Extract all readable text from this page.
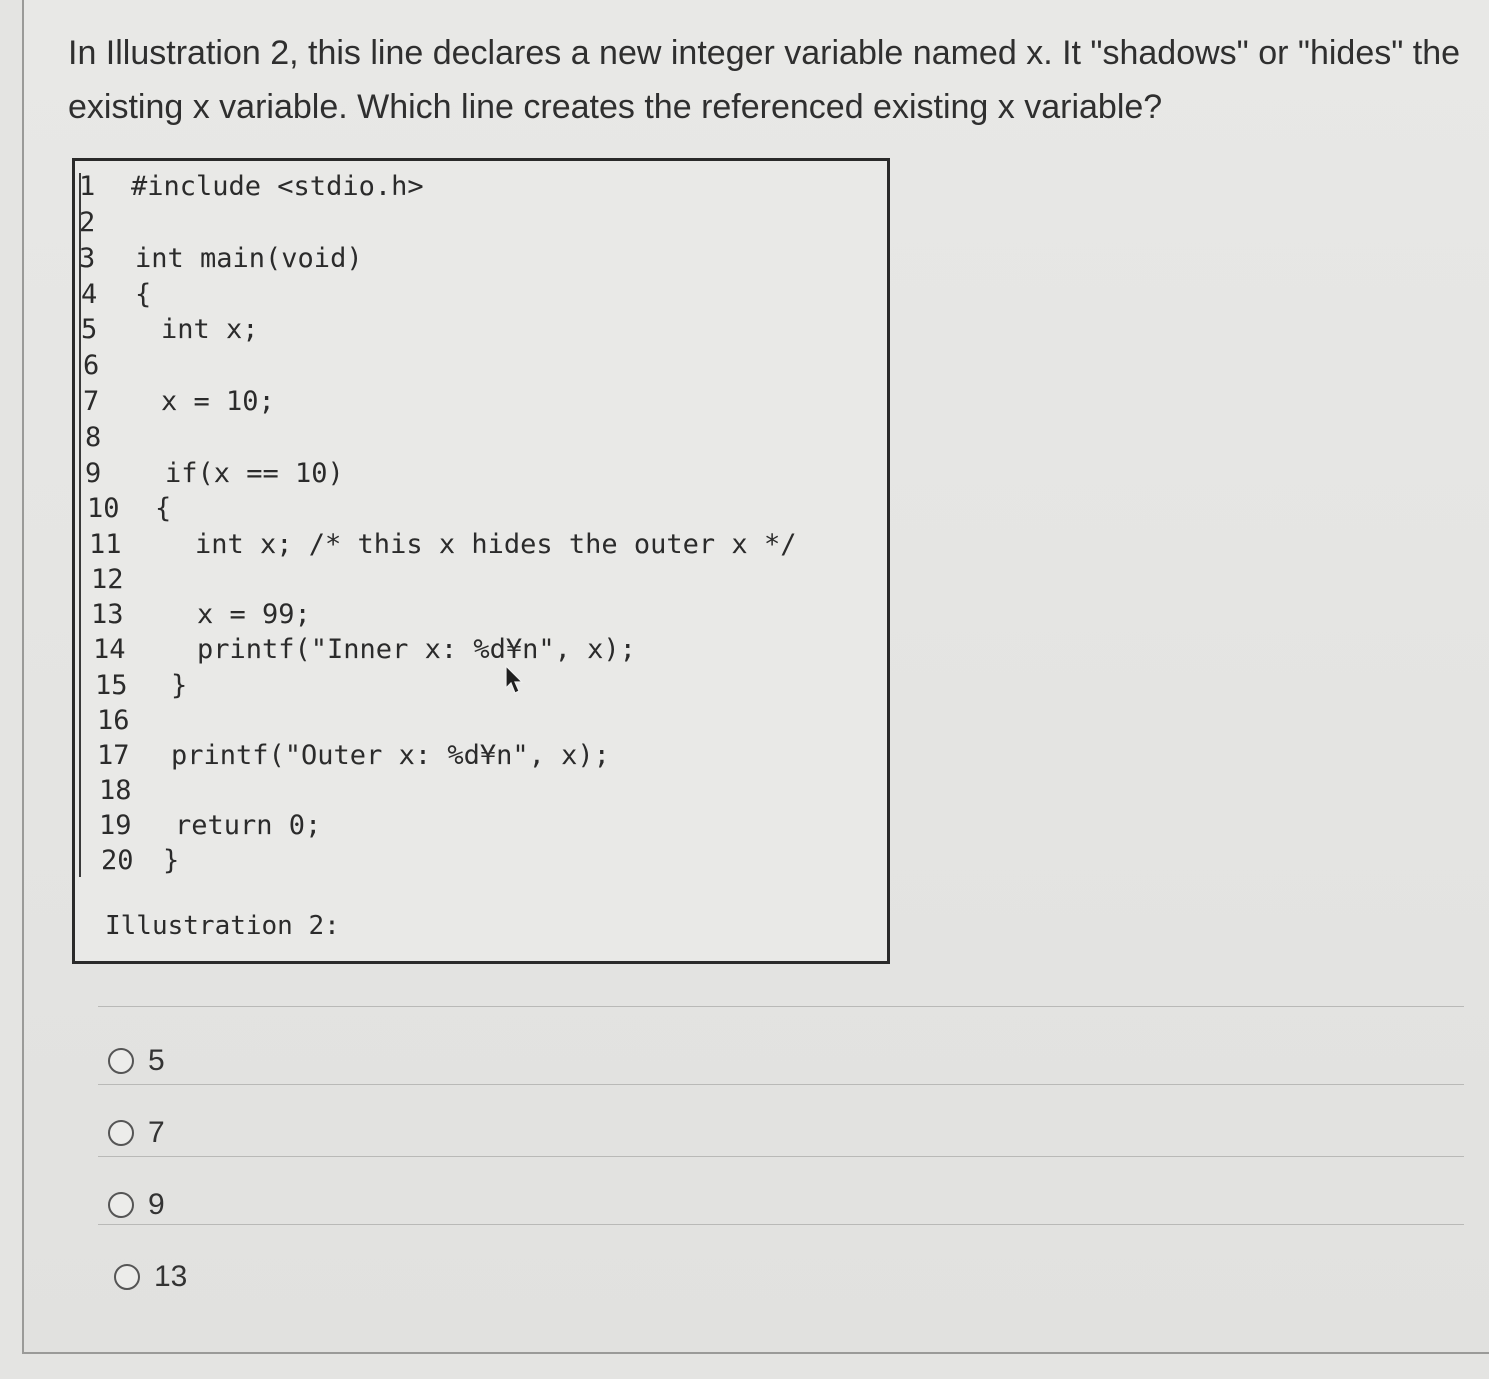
In Illustration 2, this line declares a new integer variable named x. It "shadows" or "hides" the existing x variable. Which line creates the referenced existing x variable?

1 #include <stdio.h>
2
3 int main(void)
4 {
5 int x;
6
7 x = 10;
8
9 if(x == 10)
10 {
11	int x; /* this x hides the outer x */
12
13	x = 99;
14	printf("Inner x: %d¥n", x);
15 }
16
17 printf("Outer x: %d¥n", x);
18
19 return 0;
20 }
Illustration 2:
5
7
9
13
